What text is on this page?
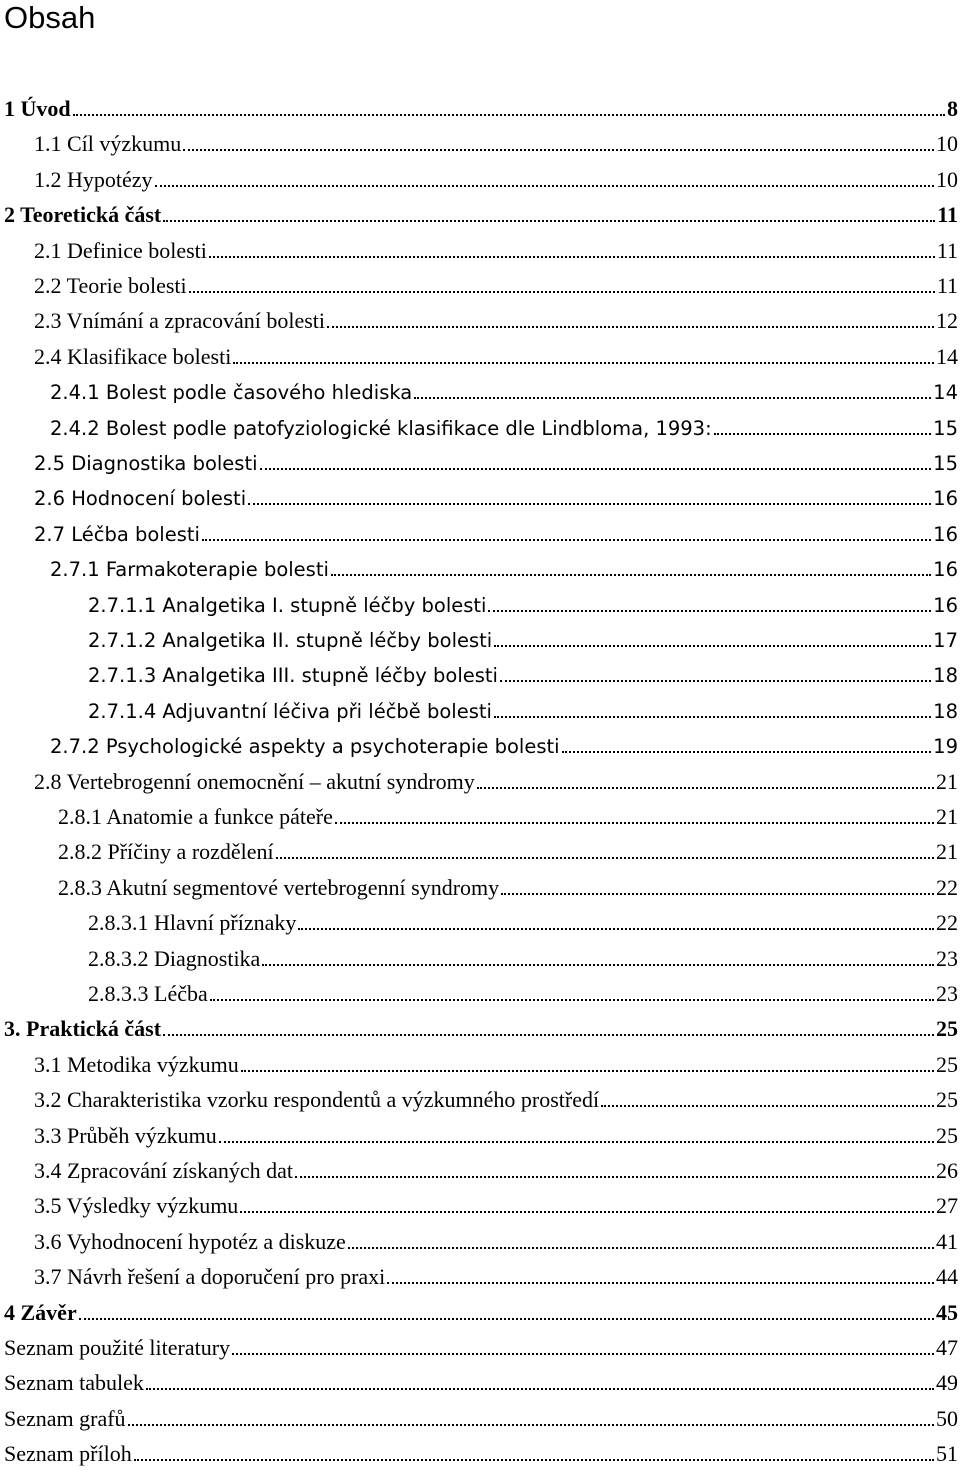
Obsah
1 Úvod	8
1.1 Cíl výzkumu	10
1.2 Hypotézy	10
2 Teoretická část	11
2.1 Definice bolesti	11
2.2 Teorie bolesti	11
2.3 Vnímání a zpracování bolesti	12
2.4 Klasifikace bolesti	14
2.4.1 Bolest podle časového hlediska	14
2.4.2 Bolest podle patofyziologické klasifikace dle Lindbloma, 1993:	15
2.5 Diagnostika bolesti	15
2.6 Hodnocení bolesti	16
2.7 Léčba bolesti	16
2.7.1 Farmakoterapie bolesti	16
2.7.1.1 Analgetika I. stupně léčby bolesti	16
2.7.1.2 Analgetika II. stupně léčby bolesti	17
2.7.1.3 Analgetika III. stupně léčby bolesti	18
2.7.1.4 Adjuvantní léčiva při léčbě bolesti	18
2.7.2 Psychologické aspekty a psychoterapie bolesti	19
2.8 Vertebrogenní onemocnění – akutní syndromy	21
2.8.1 Anatomie a funkce páteře	21
2.8.2 Příčiny a rozdělení	21
2.8.3 Akutní segmentové vertebrogenní syndromy	22
2.8.3.1 Hlavní příznaky	22
2.8.3.2 Diagnostika	23
2.8.3.3 Léčba	23
3. Praktická část	25
3.1 Metodika výzkumu	25
3.2 Charakteristika vzorku respondentů a výzkumného prostředí	25
3.3 Průběh výzkumu	25
3.4 Zpracování získaných dat	26
3.5 Výsledky výzkumu	27
3.6 Vyhodnocení hypotéz a diskuze	41
3.7 Návrh řešení a doporučení pro praxi	44
4 Závěr	45
Seznam použité literatury	47
Seznam tabulek	49
Seznam grafů	50
Seznam příloh	51
